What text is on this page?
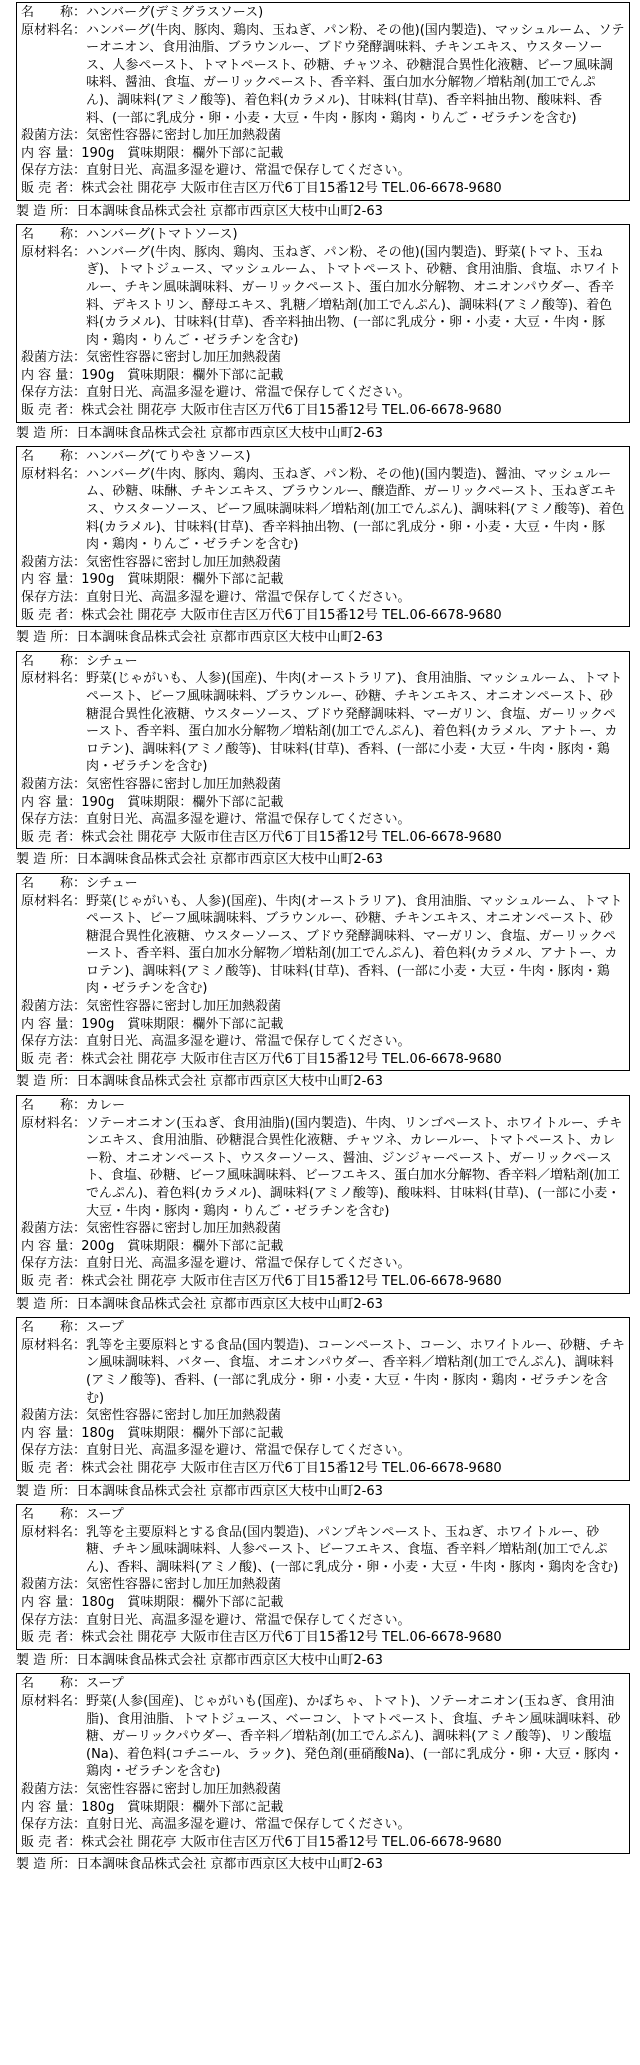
名　　称： ハンバーグ(デミグラスソース)
原材料名： ハンバーグ(牛肉、豚肉、鶏肉、玉ねぎ、パン粉、その他)(国内製造)、マッシュルーム、ソテーオニオン、食用油脂、ブラウンルー、ブドウ発酵調味料、チキンエキス、ウスターソース、人参ペースト、トマトペースト、砂糖、チャツネ、砂糖混合異性化液糖、ビーフ風味調味料、醤油、食塩、ガーリックペースト、香辛料、蛋白加水分解物／増粘剤(加工でんぷん)、調味料(アミノ酸等)、着色料(カラメル)、甘味料(甘草)、香辛料抽出物、酸味料、香料、(一部に乳成分・卵・小麦・大豆・牛肉・豚肉・鶏肉・りんご・ゼラチンを含む)
殺菌方法： 気密性容器に密封し加圧加熱殺菌
内 容 量： 190g　賞味期限：欄外下部に記載
保存方法： 直射日光、高温多湿を避け、常温で保存してください。
販 売 者： 株式会社 開花亭 大阪市住吉区万代6丁目15番12号 TEL.06-6678-9680
製 造 所：日本調味食品株式会社 京都市西京区大枝中山町2-63
名　　称： ハンバーグ(トマトソース)
原材料名： ハンバーグ(牛肉、豚肉、鶏肉、玉ねぎ、パン粉、その他)(国内製造)、野菜(トマト、玉ねぎ)、トマトジュース、マッシュルーム、トマトペースト、砂糖、食用油脂、食塩、ホワイトルー、チキン風味調味料、ガーリックペースト、蛋白加水分解物、オニオンパウダー、香辛料、デキストリン、酵母エキス、乳糖／増粘剤(加工でんぷん)、調味料(アミノ酸等)、着色料(カラメル)、甘味料(甘草)、香辛料抽出物、(一部に乳成分・卵・小麦・大豆・牛肉・豚肉・鶏肉・りんご・ゼラチンを含む)
殺菌方法： 気密性容器に密封し加圧加熱殺菌
内 容 量： 190g　賞味期限：欄外下部に記載
保存方法： 直射日光、高温多湿を避け、常温で保存してください。
販 売 者： 株式会社 開花亭 大阪市住吉区万代6丁目15番12号 TEL.06-6678-9680
製 造 所：日本調味食品株式会社 京都市西京区大枝中山町2-63
名　　称： ハンバーグ(てりやきソース)
原材料名： ハンバーグ(牛肉、豚肉、鶏肉、玉ねぎ、パン粉、その他)(国内製造)、醤油、マッシュルーム、砂糖、味醂、チキンエキス、ブラウンルー、醸造酢、ガーリックペースト、玉ねぎエキス、ウスターソース、ビーフ風味調味料／増粘剤(加工でんぷん)、調味料(アミノ酸等)、着色料(カラメル)、甘味料(甘草)、香辛料抽出物、(一部に乳成分・卵・小麦・大豆・牛肉・豚肉・鶏肉・りんご・ゼラチンを含む)
殺菌方法： 気密性容器に密封し加圧加熱殺菌
内 容 量： 190g　賞味期限：欄外下部に記載
保存方法： 直射日光、高温多湿を避け、常温で保存してください。
販 売 者： 株式会社 開花亭 大阪市住吉区万代6丁目15番12号 TEL.06-6678-9680
製 造 所：日本調味食品株式会社 京都市西京区大枝中山町2-63
名　　称： シチュー
原材料名： 野菜(じゃがいも、人参)(国産)、牛肉(オーストラリア)、食用油脂、マッシュルーム、トマトペースト、ビーフ風味調味料、ブラウンルー、砂糖、チキンエキス、オニオンペースト、砂糖混合異性化液糖、ウスターソース、ブドウ発酵調味料、マーガリン、食塩、ガーリックペースト、香辛料、蛋白加水分解物／増粘剤(加工でんぷん)、着色料(カラメル、アナトー、カロテン)、調味料(アミノ酸等)、甘味料(甘草)、香料、(一部に小麦・大豆・牛肉・豚肉・鶏肉・ゼラチンを含む)
殺菌方法： 気密性容器に密封し加圧加熱殺菌
内 容 量： 190g　賞味期限：欄外下部に記載
保存方法： 直射日光、高温多湿を避け、常温で保存してください。
販 売 者： 株式会社 開花亭 大阪市住吉区万代6丁目15番12号 TEL.06-6678-9680
製 造 所：日本調味食品株式会社 京都市西京区大枝中山町2-63
名　　称： シチュー
原材料名： 野菜(じゃがいも、人参)(国産)、牛肉(オーストラリア)、食用油脂、マッシュルーム、トマトペースト、ビーフ風味調味料、ブラウンルー、砂糖、チキンエキス、オニオンペースト、砂糖混合異性化液糖、ウスターソース、ブドウ発酵調味料、マーガリン、食塩、ガーリックペースト、香辛料、蛋白加水分解物／増粘剤(加工でんぷん)、着色料(カラメル、アナトー、カロテン)、調味料(アミノ酸等)、甘味料(甘草)、香料、(一部に小麦・大豆・牛肉・豚肉・鶏肉・ゼラチンを含む)
殺菌方法： 気密性容器に密封し加圧加熱殺菌
内 容 量： 190g　賞味期限：欄外下部に記載
保存方法： 直射日光、高温多湿を避け、常温で保存してください。
販 売 者： 株式会社 開花亭 大阪市住吉区万代6丁目15番12号 TEL.06-6678-9680
製 造 所：日本調味食品株式会社 京都市西京区大枝中山町2-63
名　　称： カレー
原材料名： ソテーオニオン(玉ねぎ、食用油脂)(国内製造)、牛肉、リンゴペースト、ホワイトルー、チキンエキス、食用油脂、砂糖混合異性化液糖、チャツネ、カレールー、トマトペースト、カレー粉、オニオンペースト、ウスターソース、醤油、ジンジャーペースト、ガーリックペースト、食塩、砂糖、ビーフ風味調味料、ビーフエキス、蛋白加水分解物、香辛料／増粘剤(加工でんぷん)、着色料(カラメル)、調味料(アミノ酸等)、酸味料、甘味料(甘草)、(一部に小麦・大豆・牛肉・豚肉・鶏肉・りんご・ゼラチンを含む)
殺菌方法： 気密性容器に密封し加圧加熱殺菌
内 容 量： 200g　賞味期限：欄外下部に記載
保存方法： 直射日光、高温多湿を避け、常温で保存してください。
販 売 者： 株式会社 開花亭 大阪市住吉区万代6丁目15番12号 TEL.06-6678-9680
製 造 所：日本調味食品株式会社 京都市西京区大枝中山町2-63
名　　称： スープ
原材料名： 乳等を主要原料とする食品(国内製造)、コーンペースト、コーン、ホワイトルー、砂糖、チキン風味調味料、バター、食塩、オニオンパウダー、香辛料／増粘剤(加工でんぷん)、調味料(アミノ酸等)、香料、(一部に乳成分・卵・小麦・大豆・牛肉・豚肉・鶏肉・ゼラチンを含む)
殺菌方法： 気密性容器に密封し加圧加熱殺菌
内 容 量： 180g　賞味期限：欄外下部に記載
保存方法： 直射日光、高温多湿を避け、常温で保存してください。
販 売 者： 株式会社 開花亭 大阪市住吉区万代6丁目15番12号 TEL.06-6678-9680
製 造 所：日本調味食品株式会社 京都市西京区大枝中山町2-63
名　　称： スープ
原材料名： 乳等を主要原料とする食品(国内製造)、パンプキンペースト、玉ねぎ、ホワイトルー、砂糖、チキン風味調味料、人参ペースト、ビーフエキス、食塩、香辛料／増粘剤(加工でんぷん)、香料、調味料(アミノ酸)、(一部に乳成分・卵・小麦・大豆・牛肉・豚肉・鶏肉を含む)
殺菌方法： 気密性容器に密封し加圧加熱殺菌
内 容 量： 180g　賞味期限：欄外下部に記載
保存方法： 直射日光、高温多湿を避け、常温で保存してください。
販 売 者： 株式会社 開花亭 大阪市住吉区万代6丁目15番12号 TEL.06-6678-9680
製 造 所：日本調味食品株式会社 京都市西京区大枝中山町2-63
名　　称： スープ
原材料名： 野菜(人参(国産)、じゃがいも(国産)、かぼちゃ、トマト)、ソテーオニオン(玉ねぎ、食用油脂)、食用油脂、トマトジュース、ベーコン、トマトペースト、食塩、チキン風味調味料、砂糖、ガーリックパウダー、香辛料／増粘剤(加工でんぷん)、調味料(アミノ酸等)、リン酸塩(Na)、着色料(コチニール、ラック)、発色剤(亜硝酸Na)、(一部に乳成分・卵・大豆・豚肉・鶏肉・ゼラチンを含む)
殺菌方法： 気密性容器に密封し加圧加熱殺菌
内 容 量： 180g　賞味期限：欄外下部に記載
保存方法： 直射日光、高温多湿を避け、常温で保存してください。
販 売 者： 株式会社 開花亭 大阪市住吉区万代6丁目15番12号 TEL.06-6678-9680
製 造 所：日本調味食品株式会社 京都市西京区大枝中山町2-63
